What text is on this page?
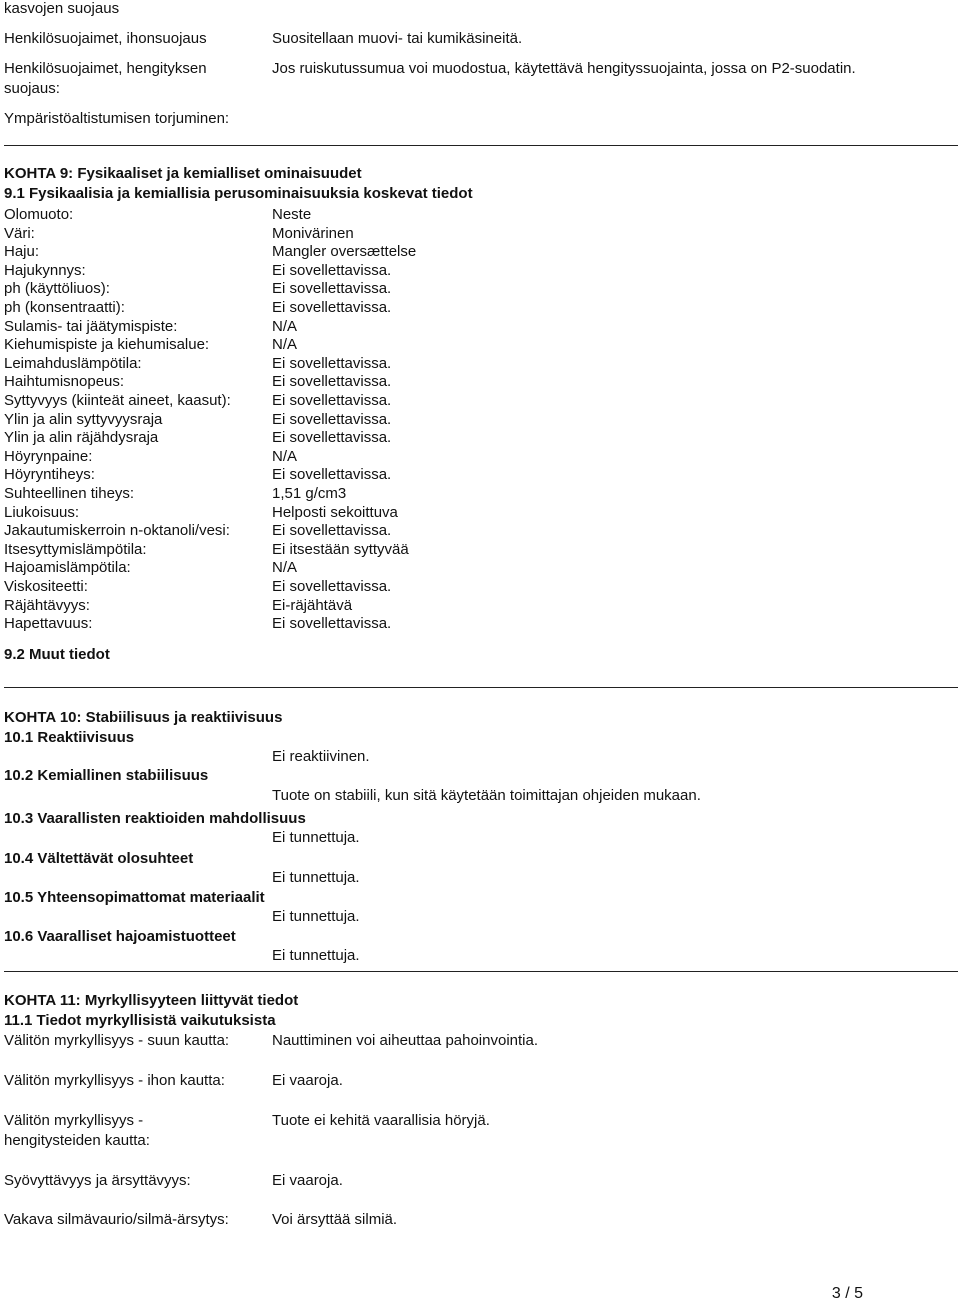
kasvojen suojaus
Henkilösuojaimet, ihonsuojaus	Suositellaan muovi- tai kumikäsineitä.
Henkilösuojaimet, hengityksen
suojaus:
Jos ruiskutussumua voi muodostua, käytettävä hengityssuojainta, jossa on P2-suodatin.
Ympäristöaltistumisen torjuminen:
KOHTA 9: Fysikaaliset ja kemialliset ominaisuudet
9.1 Fysikaalisia ja kemiallisia perusominaisuuksia koskevat tiedot
Olomuoto:	Neste
Väri:	Monivärinen
Haju:	Mangler oversættelse
Hajukynnys:	Ei sovellettavissa.
ph (käyttöliuos):	Ei sovellettavissa.
ph (konsentraatti):	Ei sovellettavissa.
Sulamis- tai jäätymispiste:	N/A
Kiehumispiste ja kiehumisalue:	N/A
Leimahduslämpötila:	Ei sovellettavissa.
Haihtumisnopeus:	Ei sovellettavissa.
Syttyvyys (kiinteät aineet, kaasut):	Ei sovellettavissa.
Ylin ja alin syttyvyysraja	Ei sovellettavissa.
Ylin ja alin räjähdysraja	Ei sovellettavissa.
Höyrynpaine:	N/A
Höyryntiheys:	Ei sovellettavissa.
Suhteellinen tiheys:	1,51 g/cm3
Liukoisuus:	Helposti sekoittuva
Jakautumiskerroin n-oktanoli/vesi:	Ei sovellettavissa.
Itsesyttymislämpötila:	Ei itsestään syttyvää
Hajoamislämpötila:	N/A
Viskositeetti:	Ei sovellettavissa.
Räjähtävyys:	Ei-räjähtävä
Hapettavuus:	Ei sovellettavissa.
9.2 Muut tiedot
KOHTA 10: Stabiilisuus ja reaktiivisuus
10.1 Reaktiivisuus
Ei reaktiivinen.
10.2 Kemiallinen stabiilisuus
Tuote on stabiili, kun sitä käytetään toimittajan ohjeiden mukaan.
10.3 Vaarallisten reaktioiden mahdollisuus
Ei tunnettuja.
10.4 Vältettävät olosuhteet
Ei tunnettuja.
10.5 Yhteensopimattomat materiaalit
Ei tunnettuja.
10.6 Vaaralliset hajoamistuotteet
Ei tunnettuja.
KOHTA 11: Myrkyllisyyteen liittyvät tiedot
11.1 Tiedot myrkyllisistä vaikutuksista
Välitön myrkyllisyys - suun kautta:	Nauttiminen voi aiheuttaa pahoinvointia.
Välitön myrkyllisyys - ihon kautta:	Ei vaaroja.
Välitön myrkyllisyys -
hengitysteiden kautta:
Tuote ei kehitä vaarallisia höryjä.
Syövyttävyys ja ärsyttävyys:	Ei vaaroja.
Vakava silmävaurio/silmä-ärsytys:	Voi ärsyttää silmiä.
3 / 5
